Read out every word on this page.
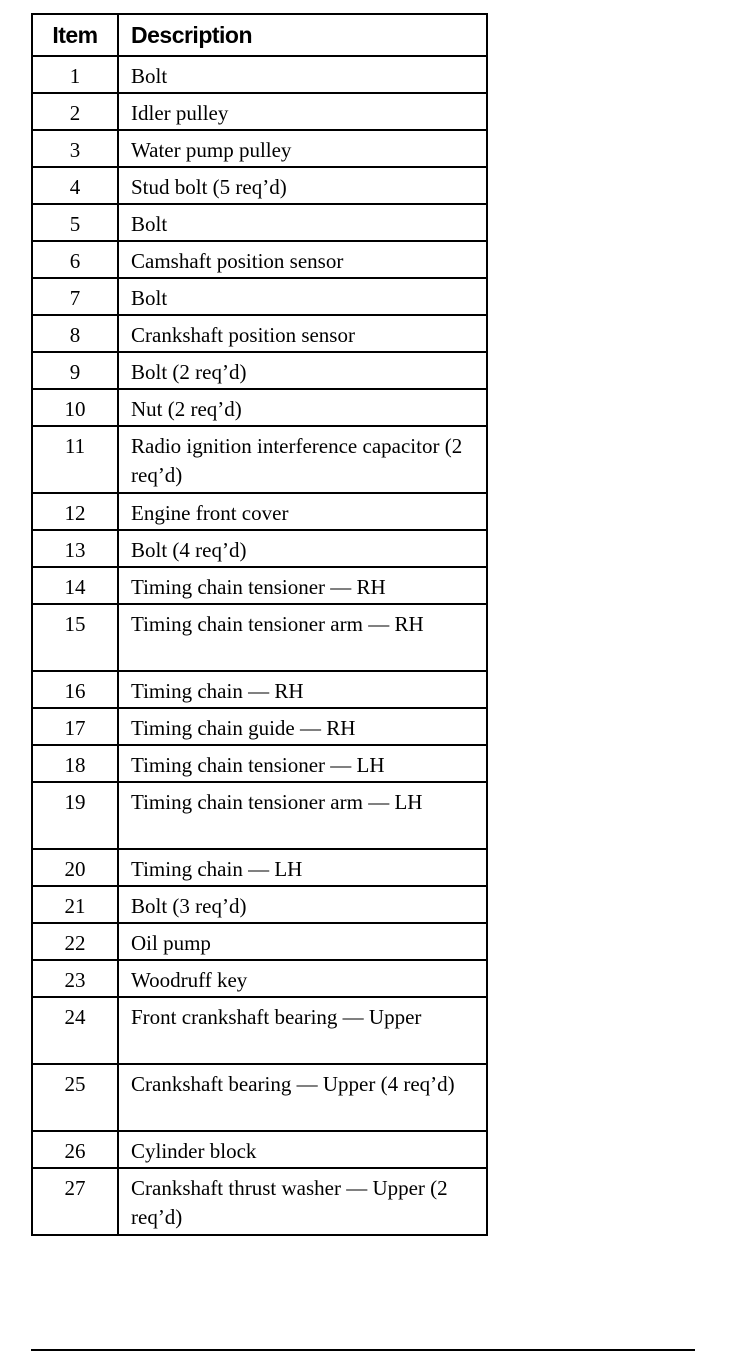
Item	Description
1	Bolt
2	Idler pulley
3	Water pump pulley
4	Stud bolt (5 req’d)
5	Bolt
6	Camshaft position sensor
7	Bolt
8	Crankshaft position sensor
9	Bolt (2 req’d)
10	Nut (2 req’d)
11	Radio ignition interference capacitor (2 req’d)
12	Engine front cover
13	Bolt (4 req’d)
14	Timing chain tensioner — RH
15	Timing chain tensioner arm — RH
16	Timing chain — RH
17	Timing chain guide — RH
18	Timing chain tensioner — LH
19	Timing chain tensioner arm — LH
20	Timing chain — LH
21	Bolt (3 req’d)
22	Oil pump
23	Woodruff key
24	Front crankshaft bearing — Upper
25	Crankshaft bearing — Upper (4 req’d)
26	Cylinder block
27	Crankshaft thrust washer — Upper (2 req’d)
